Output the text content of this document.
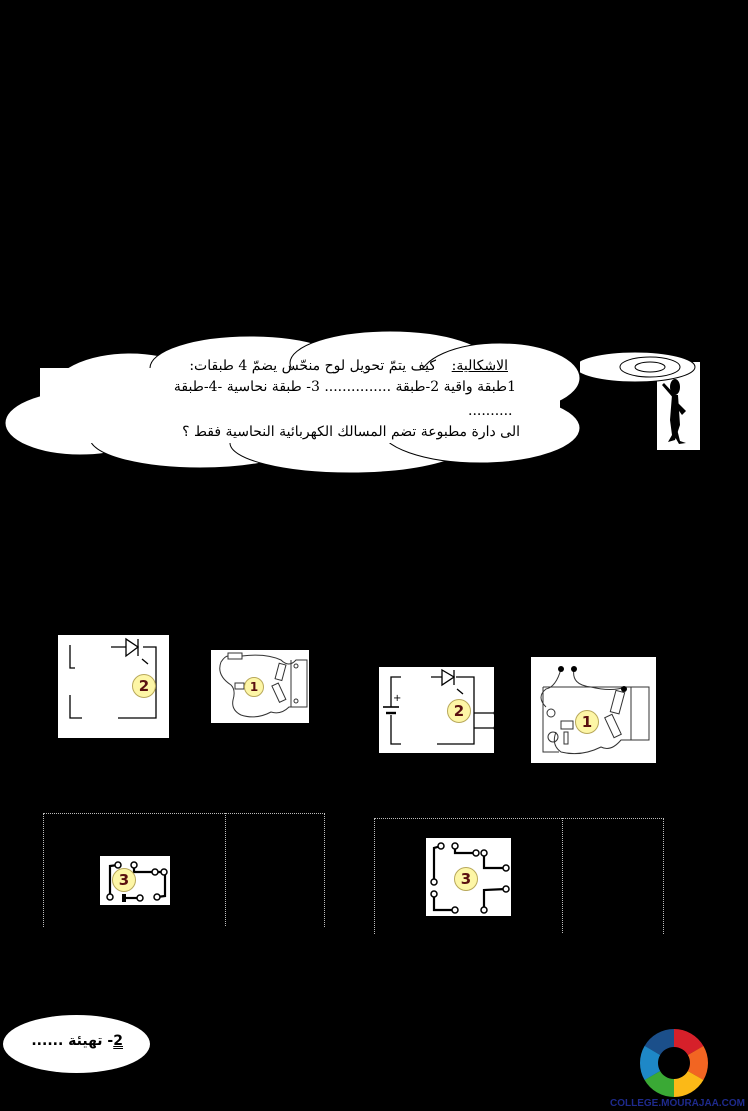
الاشكالية:
كيف يتمّ تحويل لوح منحّس يضمّ 4 طبقات:
1طبقة واقية 2-طبقة ............... 3- طبقة نحاسية -4-طبقة
..........
الى دارة مطبوعة تضم المسالك الكهربائية النحاسية فقط ؟
2	1
+
2
1
3	3
2- تهيئة ......
COLLEGE.MOURAJAA.COM
